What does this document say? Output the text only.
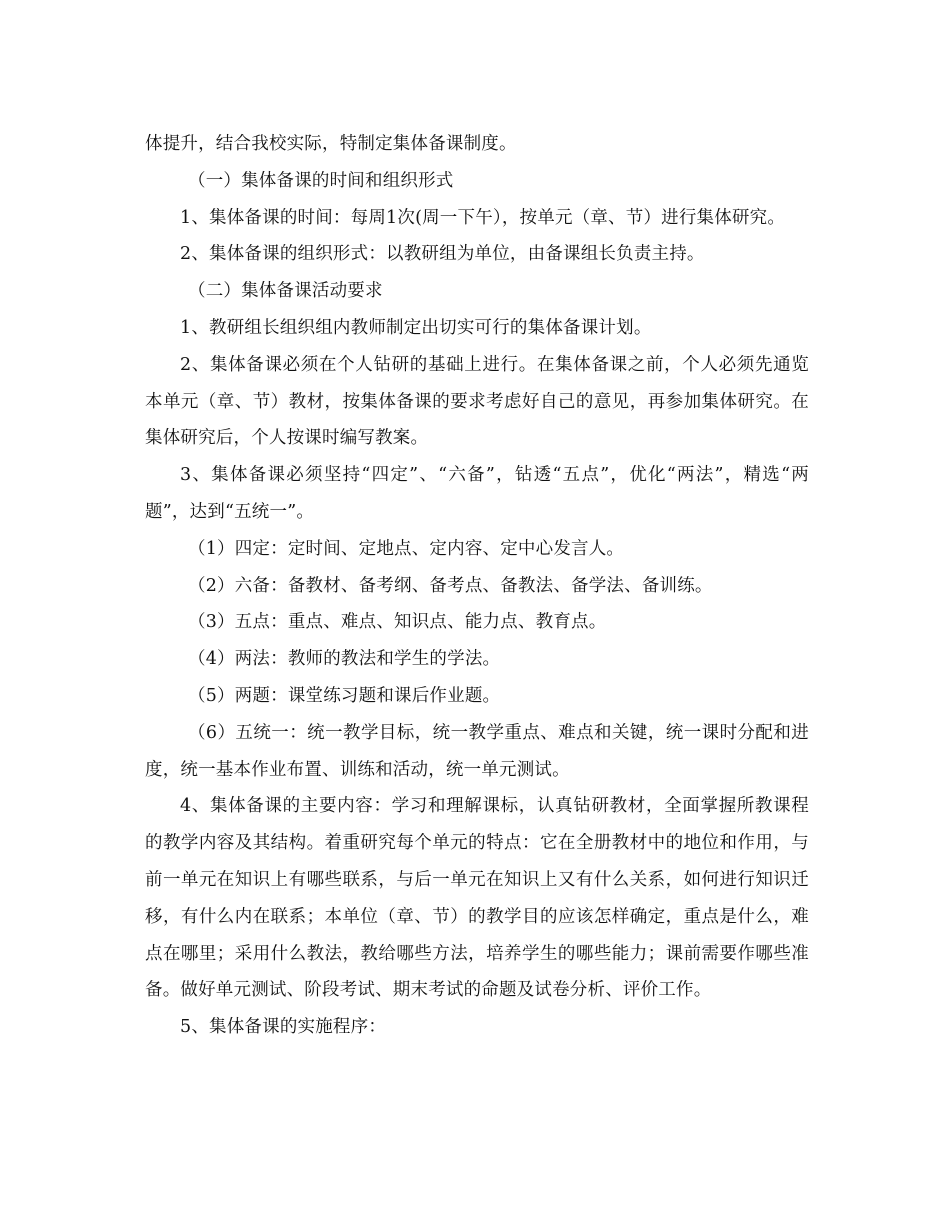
体提升，结合我校实际，特制定集体备课制度。

（一）集体备课的时间和组织形式

1、集体备课的时间：每周1次(周一下午），按单元（章、节）进行集体研究。

2、集体备课的组织形式：以教研组为单位，由备课组长负责主持。

（二）集体备课活动要求

1、教研组长组织组内教师制定出切实可行的集体备课计划。

2、集体备课必须在个人钻研的基础上进行。在集体备课之前，个人必须先通览本单元（章、节）教材，按集体备课的要求考虑好自己的意见，再参加集体研究。在集体研究后，个人按课时编写教案。

3、集体备课必须坚持“四定”、“六备”，钻透“五点”，优化“两法”，精选“两题”，达到“五统一”。

（1）四定：定时间、定地点、定内容、定中心发言人。

（2）六备：备教材、备考纲、备考点、备教法、备学法、备训练。

（3）五点：重点、难点、知识点、能力点、教育点。

（4）两法：教师的教法和学生的学法。

（5）两题：课堂练习题和课后作业题。

（6）五统一：统一教学目标，统一教学重点、难点和关键，统一课时分配和进度，统一基本作业布置、训练和活动，统一单元测试。

4、集体备课的主要内容：学习和理解课标，认真钻研教材，全面掌握所教课程的教学内容及其结构。着重研究每个单元的特点：它在全册教材中的地位和作用，与前一单元在知识上有哪些联系，与后一单元在知识上又有什么关系，如何进行知识迁移，有什么内在联系；本单位（章、节）的教学目的应该怎样确定，重点是什么，难点在哪里；采用什么教法，教给哪些方法，培养学生的哪些能力；课前需要作哪些准备。做好单元测试、阶段考试、期末考试的命题及试卷分析、评价工作。

5、集体备课的实施程序：
